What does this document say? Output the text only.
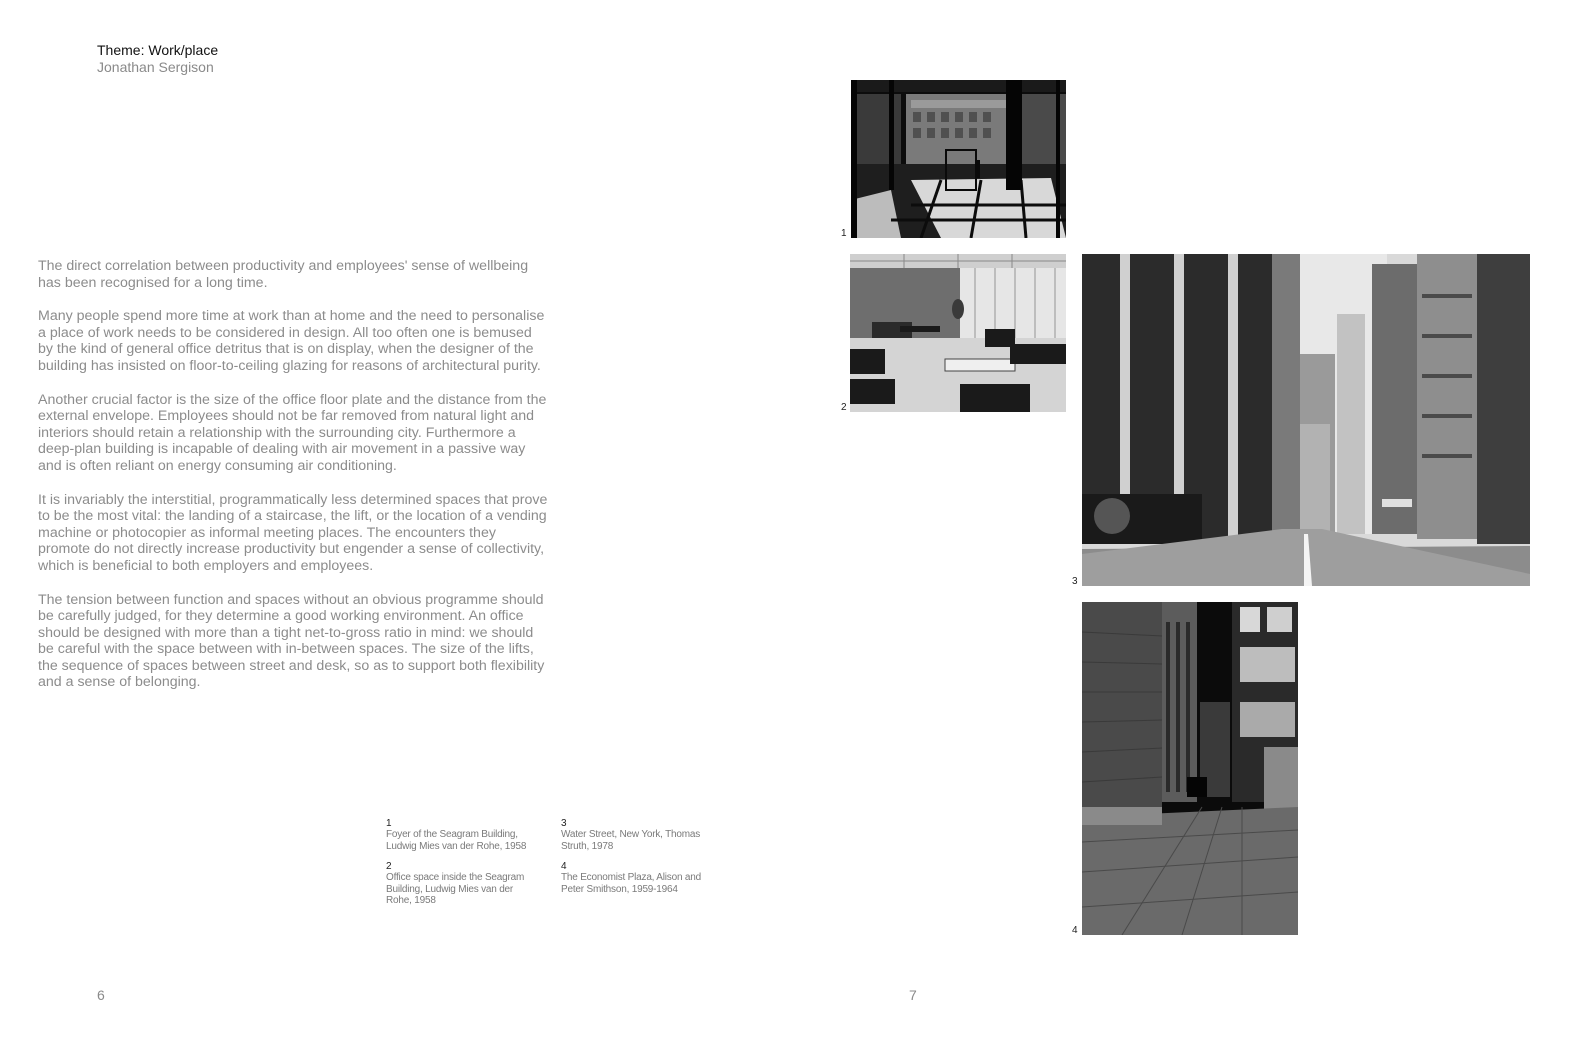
Theme: Work/place
Jonathan Sergison

The direct correlation between productivity and employees' sense of wellbeing has been recognised for a long time.

Many people spend more time at work than at home and the need to personalise a place of work needs to be considered in design. All too often one is bemused by the kind of general office detritus that is on display, when the designer of the building has insisted on floor-to-ceiling glazing for reasons of architectural purity.

Another crucial factor is the size of the office floor plate and the distance from the external envelope. Employees should not be far removed from natural light and interiors should retain a relationship with the surrounding city. Furthermore a deep-plan building is incapable of dealing with air movement in a passive way and is often reliant on energy consuming air conditioning.

It is invariably the interstitial, programmatically less determined spaces that prove to be the most vital: the landing of a staircase, the lift, or the location of a vending machine or photocopier as informal meeting places. The encounters they promote do not directly increase productivity but engender a sense of collectivity, which is beneficial to both employers and employees.

The tension between function and spaces without an obvious programme should be carefully judged, for they determine a good working environment. An office should be designed with more than a tight net-to-gross ratio in mind: we should be careful with the space between with in-between spaces. The size of the lifts, the sequence of spaces between street and desk, so as to support both flexibility and a sense of belonging.

1
Foyer of the Seagram Building, Ludwig Mies van der Rohe, 1958
3
Water Street, New York, Thomas Struth, 1978
2
Office space inside the Seagram Building, Ludwig Mies van der Rohe, 1958
4
The Economist Plaza, Alison and Peter Smithson, 1959-1964
6	7
1
2
3
4
